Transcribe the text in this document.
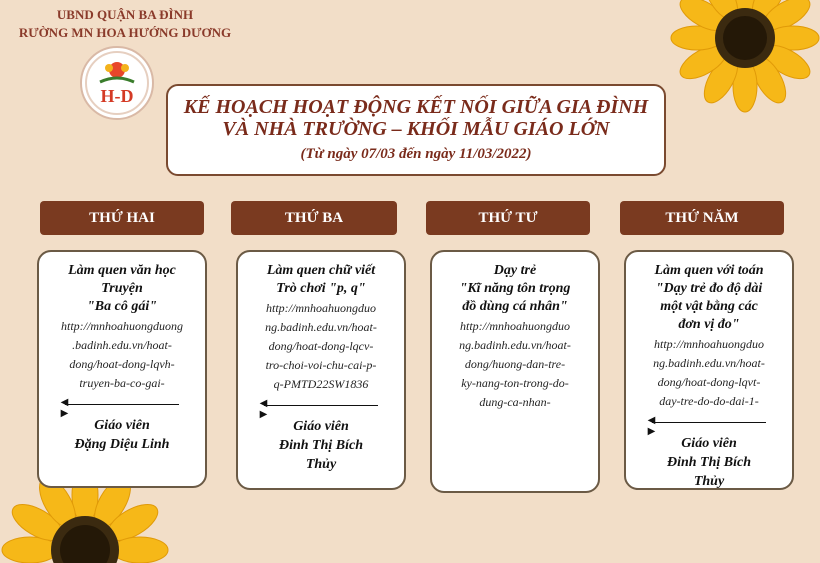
UBND QUẬN BA ĐÌNH
RƯỜNG MN HOA HƯỚNG DƯƠNG
H-D	KẾ HOẠCH HOẠT ĐỘNG KẾT NỐI GIỮA GIA ĐÌNH
VÀ NHÀ TRƯỜNG – KHỐI MẪU GIÁO LỚN
(Từ ngày 07/03 đến ngày 11/03/2022)
THỨ HAI	THỨ BA	THỨ TƯ	THỨ NĂM
Làm quen văn học
Truyện
"Ba cô gái"
http://mnhoahuongduong
.badinh.edu.vn/hoat-
dong/hoat-dong-lqvh-
truyen-ba-co-gai-
◀ ▶
Giáo viên
Đặng Diệu Linh
Làm quen chữ viết
Trò chơi "p, q"
http://mnhoahuongduo
ng.badinh.edu.vn/hoat-
dong/hoat-dong-lqcv-
tro-choi-voi-chu-cai-p-
q-PMTD22SW1836
◀ ▶
Giáo viên
Đinh Thị Bích
Thủy
Dạy trẻ
"Kĩ năng tôn trọng
đồ dùng cá nhân"
http://mnhoahuongduo
ng.badinh.edu.vn/hoat-
dong/huong-dan-tre-
ky-nang-ton-trong-do-
dung-ca-nhan-
Làm quen với toán
"Dạy trẻ đo độ dài
một vật bằng các
đơn vị đo"
http://mnhoahuongduo
ng.badinh.edu.vn/hoat-
dong/hoat-dong-lqvt-
day-tre-do-do-dai-1-
◀ ▶
Giáo viên
Đinh Thị Bích
Thủy
